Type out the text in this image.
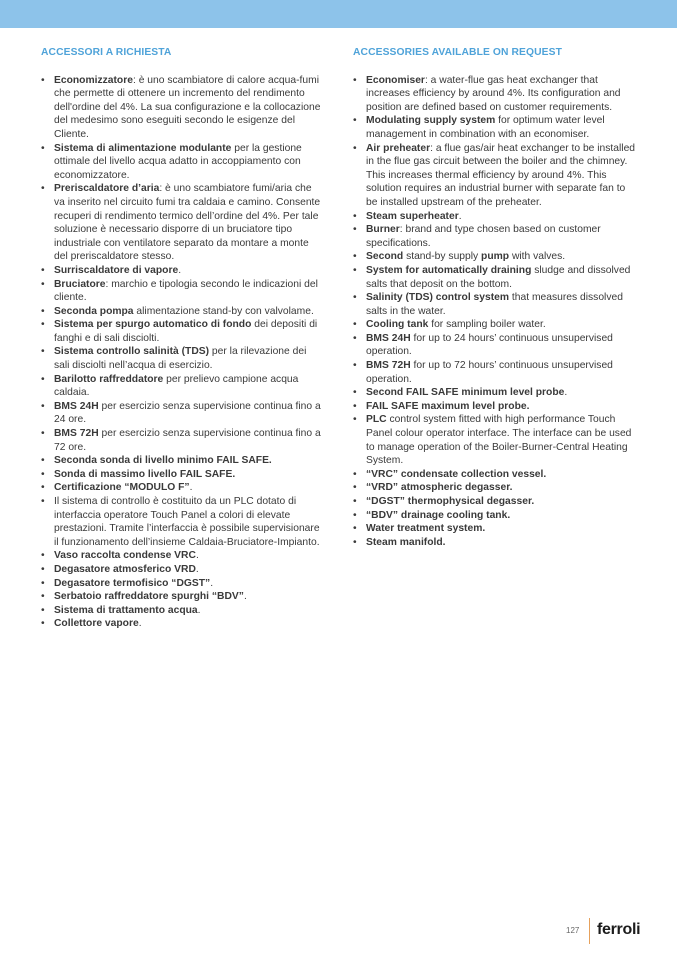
ACCESSORI A RICHIESTA
• Economizzatore: è uno scambiatore di calore acqua-fumi che permette di ottenere un incremento del rendimento dell'ordine del 4%. La sua configurazione e la collocazione del medesimo sono eseguiti secondo le esigenze del Cliente.
• Sistema di alimentazione modulante per la gestione ottimale del livello acqua adatto in accoppiamento con economizzatore.
• Preriscaldatore d’aria: è uno scambiatore fumi/aria che va inserito nel circuito fumi tra caldaia e camino. Consente recuperi di rendimento termico dell’ordine del 4%. Per tale soluzione è necessario disporre di un bruciatore tipo industriale con ventilatore separato da montare a monte del preriscaldatore stesso.
• Surriscaldatore di vapore.
• Bruciatore: marchio e tipologia secondo le indicazioni del cliente.
• Seconda pompa alimentazione stand-by con valvolame.
• Sistema per spurgo automatico di fondo dei depositi di fanghi e di sali disciolti.
• Sistema controllo salinità (TDS) per la rilevazione dei sali disciolti nell’acqua di esercizio.
• Barilotto raffreddatore per prelievo campione acqua caldaia.
• BMS 24H per esercizio senza supervisione continua fino a 24 ore.
• BMS 72H per esercizio senza supervisione continua fino a 72 ore.
• Seconda sonda di livello minimo FAIL SAFE.
• Sonda di massimo livello FAIL SAFE.
• Certificazione “MODULO F”.
• Il sistema di controllo è costituito da un PLC dotato di interfaccia operatore Touch Panel a colori di elevate prestazioni. Tramite l’interfaccia è possibile supervisionare il funzionamento dell’insieme Caldaia-Bruciatore-Impianto.
• Vaso raccolta condense VRC.
• Degasatore atmosferico VRD.
• Degasatore termofisico “DGST”.
• Serbatoio raffreddatore spurghi “BDV”.
• Sistema di trattamento acqua.
• Collettore vapore.
ACCESSORIES AVAILABLE ON REQUEST
• Economiser: a water-flue gas heat exchanger that increases efficiency by around 4%. Its configuration and position are defined based on customer requirements.
• Modulating supply system for optimum water level management in combination with an economiser.
• Air preheater: a flue gas/air heat exchanger to be installed in the flue gas circuit between the boiler and the chimney. This increases thermal efficiency by around 4%. This solution requires an industrial burner with separate fan to be installed upstream of the preheater.
• Steam superheater.
• Burner: brand and type chosen based on customer specifications.
• Second stand-by supply pump with valves.
• System for automatically draining sludge and dissolved salts that deposit on the bottom.
• Salinity (TDS) control system that measures dissolved salts in the water.
• Cooling tank for sampling boiler water.
• BMS 24H for up to 24 hours’ continuous unsupervised operation.
• BMS 72H for up to 72 hours’ continuous unsupervised operation.
• Second FAIL SAFE minimum level probe.
• FAIL SAFE maximum level probe.
• PLC control system fitted with high performance Touch Panel colour operator interface. The interface can be used to manage operation of the Boiler-Burner-Central Heating System.
• “VRC” condensate collection vessel.
• “VRD” atmospheric degasser.
• “DGST” thermophysical degasser.
• “BDV” drainage cooling tank.
• Water treatment system.
• Steam manifold.
127 ferroli
